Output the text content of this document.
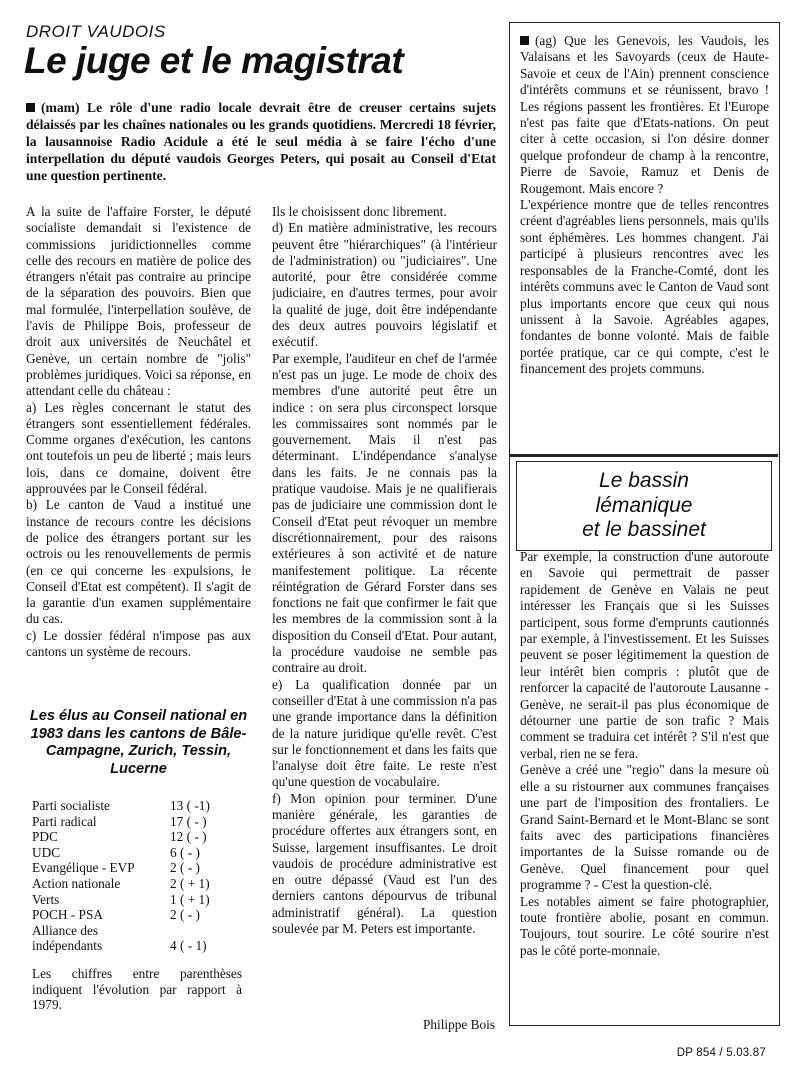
DROIT VAUDOIS
Le juge et le magistrat
(mam) Le rôle d'une radio locale devrait être de creuser certains sujets délaissés par les chaînes nationales ou les grands quotidiens. Mercredi 18 février, la lausannoise Radio Acidule a été le seul média à se faire l'écho d'une interpellation du député vaudois Georges Peters, qui posait au Conseil d'Etat une question pertinente.

A la suite de l'affaire Forster, le député socialiste demandait si l'existence de commissions juridictionnelles comme celle des recours en matière de police des étrangers n'était pas contraire au principe de la séparation des pouvoirs. Bien que mal formulée, l'interpellation soulève, de l'avis de Philippe Bois, professeur de droit aux universités de Neuchâtel et Genève, un certain nombre de "jolis" problèmes juridiques. Voici sa réponse, en attendant celle du château :

a) Les règles concernant le statut des étrangers sont essentiellement fédérales. Comme organes d'exécution, les cantons ont toutefois un peu de liberté ; mais leurs lois, dans ce domaine, doivent être approuvées par le Conseil fédéral.

b) Le canton de Vaud a institué une instance de recours contre les décisions de police des étrangers portant sur les octrois ou les renouvellements de permis (en ce qui concerne les expulsions, le Conseil d'Etat est compétent). Il s'agit de la garantie d'un examen supplémentaire du cas.

c) Le dossier fédéral n'impose pas aux cantons un système de recours.

Ils le choisissent donc librement.

d) En matière administrative, les recours peuvent être "hiérarchiques" (à l'intérieur de l'administration) ou "judiciaires". Une autorité, pour être considérée comme judiciaire, en d'autres termes, pour avoir la qualité de juge, doit être indépendante des deux autres pouvoirs législatif et exécutif.

Par exemple, l'auditeur en chef de l'armée n'est pas un juge. Le mode de choix des membres d'une autorité peut être un indice : on sera plus circonspect lorsque les commissaires sont nommés par le gouvernement. Mais il n'est pas déterminant. L'indépendance s'analyse dans les faits. Je ne connais pas la pratique vaudoise. Mais je ne qualifierais pas de judiciaire une commission dont le Conseil d'Etat peut révoquer un membre discrétionnairement, pour des raisons extérieures à son activité et de nature manifestement politique. La récente réintégration de Gérard Forster dans ses fonctions ne fait que confirmer le fait que les membres de la commission sont à la disposition du Conseil d'Etat. Pour autant, la procédure vaudoise ne semble pas contraire au droit.

e) La qualification donnée par un conseiller d'Etat à une commission n'a pas une grande importance dans la définition de la nature juridique qu'elle revêt. C'est sur le fonctionnement et dans les faits que l'analyse doit être faite. Le reste n'est qu'une question de vocabulaire.

f) Mon opinion pour terminer. D'une manière générale, les garanties de procédure offertes aux étrangers sont, en Suisse, largement insuffisantes. Le droit vaudois de procédure administrative est en outre dépassé (Vaud est l'un des derniers cantons dépourvus de tribunal administratif général). La question soulevée par M. Peters est importante.

Philippe Bois
Les élus au Conseil national en 1983 dans les cantons de Bâle-Campagne, Zurich, Tessin, Lucerne
Parti socialiste	13 ( -1)
Parti radical	17 ( - )
PDC	12 ( - )
UDC	6 ( - )
Evangélique - EVP	2 ( - )
Action nationale	2 ( + 1)
Verts	1 ( + 1)
POCH - PSA	2 ( - )
Alliance des
indépendants	4 ( - 1)
Les chiffres entre parenthèses indiquent l'évolution par rapport à 1979.

(ag) Que les Genevois, les Vaudois, les Valaisans et les Savoyards (ceux de Haute-Savoie et ceux de l'Ain) prennent conscience d'intérêts communs et se réunissent, bravo ! Les régions passent les frontières. Et l'Europe n'est pas faite que d'Etats-nations. On peut citer à cette occasion, si l'on désire donner quelque profondeur de champ à la rencontre, Pierre de Savoie, Ramuz et Denis de Rougemont. Mais encore ?

L'expérience montre que de telles rencontres créent d'agréables liens personnels, mais qu'ils sont éphémères. Les hommes changent. J'ai participé à plusieurs rencontres avec les responsables de la Franche-Comté, dont les intérêts communs avec le Canton de Vaud sont plus importants encore que ceux qui nous unissent à la Savoie. Agréables agapes, fondantes de bonne volonté. Mais de faible portée pratique, car ce qui compte, c'est le financement des projets communs.

Le bassin
lémanique
et le bassinet

Par exemple, la construction d'une autoroute en Savoie qui permettrait de passer rapidement de Genève en Valais ne peut intéresser les Français que si les Suisses participent, sous forme d'emprunts cautionnés par exemple, à l'investissement. Et les Suisses peuvent se poser légitimement la question de leur intérêt bien compris : plutôt que de renforcer la capacité de l'autoroute Lausanne - Genève, ne serait-il pas plus économique de détourner une partie de son trafic ? Mais comment se traduira cet intérêt ? S'il n'est que verbal, rien ne se fera.

Genève a créé une "regio" dans la mesure où elle a su ristourner aux communes françaises une part de l'imposition des frontaliers. Le Grand Saint-Bernard et le Mont-Blanc se sont faits avec des participations financières importantes de la Suisse romande ou de Genève. Quel financement pour quel programme ? - C'est la question-clé.

Les notables aiment se faire photographier, toute frontière abolie, posant en commun. Toujours, tout sourire. Le côté sourire n'est pas le côté porte-monnaie.

DP 854 / 5.03.87
